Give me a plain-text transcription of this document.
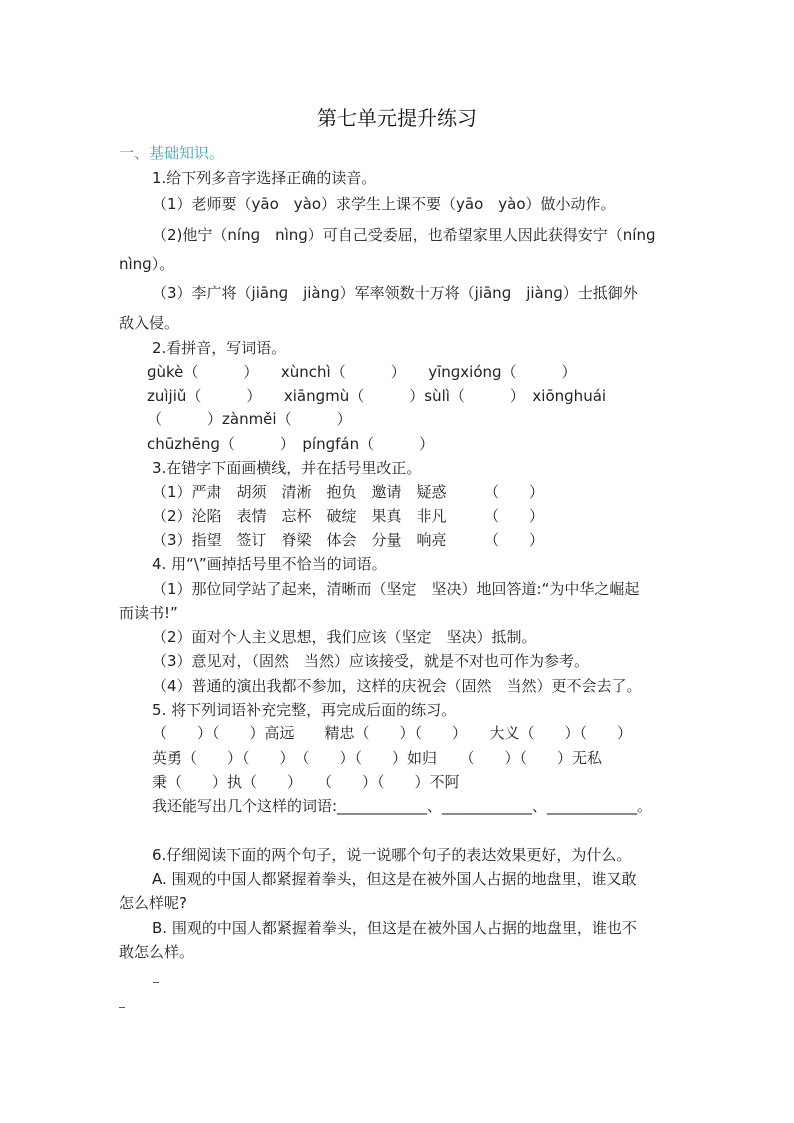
第七单元提升练习
一、基础知识。
1.给下列多音字选择正确的读音。
（1）老师要（yāo　yào）求学生上课不要（yāo　yào）做小动作。
（2)他宁（nínɡ　nìnɡ）可自己受委屈，也希望家里人因此获得安宁（nínɡ
nìnɡ）。
（3）李广将（jiānɡ　jiànɡ）军率领数十万将（jiānɡ　jiànɡ）士抵御外
敌入侵。
2.看拼音，写词语。
ɡùkè（　　　）　　xùnchì（　　　）　　yīnɡxiónɡ（　　　）
zuìjiǔ（　　　）　　xiānɡmù（　　　）sùlì（　　　）　xiōnɡhuái
（　　　）zànměi（　　　）
chūzhēnɡ（　　　）　pínɡfán（　　　）
3.在错字下面画横线，并在括号里改正。
（1）严肃　胡须　清淅　抱负　邀请　疑惑　　　（　　）
（2）沦陷　表情　忘杯　破绽　果真　非凡　　　（　　）
（3）指望　签订　脊梁　体会　分量　响亮　　　（　　）
4. 用“\”画掉括号里不恰当的词语。
（1）那位同学站了起来，清晰而（坚定　坚决）地回答道:“为中华之崛起
而读书!”
（2）面对个人主义思想，我们应该（坚定　坚决）抵制。
（3）意见对，（固然　当然）应该接受，就是不对也可作为参考。
（4）普通的演出我都不参加，这样的庆祝会（固然　当然）更不会去了。
5. 将下列词语补充完整，再完成后面的练习。
（　　）（　　）高远　　精忠（　　）（　　）　　大义（　　）（　　）
英勇（　　）（　　）　（　　）（　　）如归　　（　　）（　　）无私
秉（　　）执（　　）　　（　　）（　　）不阿
我还能写出几个这样的词语:____________、____________、____________。
6.仔细阅读下面的两个句子，说一说哪个句子的表达效果更好，为什么。
A. 围观的中国人都紧握着拳头，但这是在被外国人占据的地盘里，谁又敢
怎么样呢?
B. 围观的中国人都紧握着拳头，但这是在被外国人占据的地盘里，谁也不
敢怎么样。
